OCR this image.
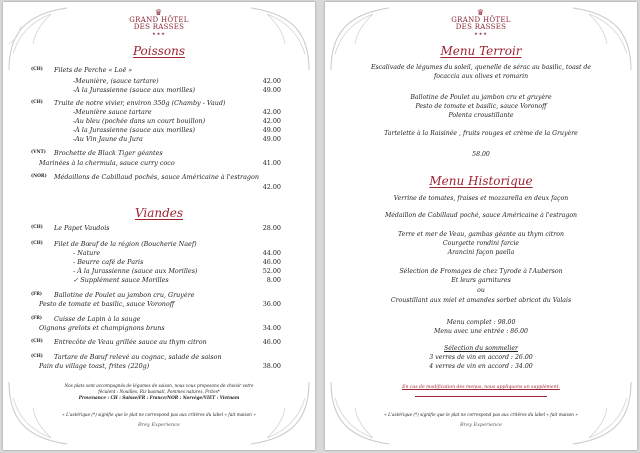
♛
GRAND HÔTEL
DES RASSES
★★★
Poissons
(CH) Filets de Perche « Loë »
-Meunière, (sauce tartare)	42.00
-À la Jurassienne (sauce aux morilles)	49.00
(CH) Truite de notre vivier, environ 350g (Chamby - Vaud)
-Meunière sauce tartare	42.00
-Au bleu (pochée dans un court bouillon)	42.00
-À la Jurassienne (sauce aux morilles)	49.00
-Au Vin Jaune du Jura	49.00
(VNT) Brochette de Black Tiger géantes
Marinées à la chermula, sauce curry coco	41.00
(NOR) Médaillons de Cabillaud pochés, sauce Américaine à l'estragon
42.00
Viandes
(CH) Le Papet Vaudois	28.00
(CH) Filet de Bœuf de la région (Boucherie Naef)
- Nature	44.00
- Beurre café de Paris	46.00
- À la Jurassienne (sauce aux Morilles)	52.00
✓ Supplément sauce Morilles	8.00
(FR) Ballotine de Poulet au jambon cru, Gruyère
Pesto de tomate et basilic, sauce Voronoff	36.00
(FR) Cuisse de Lapin à la sauge
Oignons grelots et champignons bruns	34.00
(CH) Entrecôte de Veau grillée sauce au thym citron	46.00
(CH) Tartare de Bœuf relevé au cognac, salade de saison
Pain du village toast, frites (220g)	38.00
Nos plats sont accompagnés de légumes de saison, nous vous proposons de choisir votre
féculent : Nouilles, Riz basmati, Pommes natures, Frites*
Provenance : CH : Suisse/FR : France/NOR : Norvège/VIET : Vietnam
« L'astérique (*) signifie que le plat ne correspond pas aux critères du label « fait maison »
Brey Experience
♛
GRAND HÔTEL
DES RASSES
★★★
Menu Terroir
Escalivade de légumes du soleil, quenelle de sérac au basilic, toast de
focaccia aux olives et romarin
Ballotine de Poulet au jambon cru et gruyère
Pesto de tomate et basilic, sauce Voronoff
Polenta croustillante
Tartelette à la Raisinée , fruits rouges et crème de la Gruyère
58.00
Menu Historique
Verrine de tomates, fraises et mozzarella en deux façon
Médaillon de Cabillaud poché, sauce Américaine à l'estragon
Terre et mer de Veau, gambas géante au thym citron
Courgette rondini farcie
Arancini façon paella
Sélection de Fromages de chez Tyrode à l'Auberson
Et leurs garnitures
ou
Croustillant aux miel et amandes sorbet abricot du Valais
Menu complet : 98.00
Menu avec une entrée : 86.00
Sélection du sommelier
3 verres de vin en accord : 26.00
4 verres de vin en accord : 34.00
En cas de modification des menus, nous appliquons un supplément.
« L'astérique (*) signifie que le plat ne correspond pas aux critères du label « fait maison »
Brey Experience
